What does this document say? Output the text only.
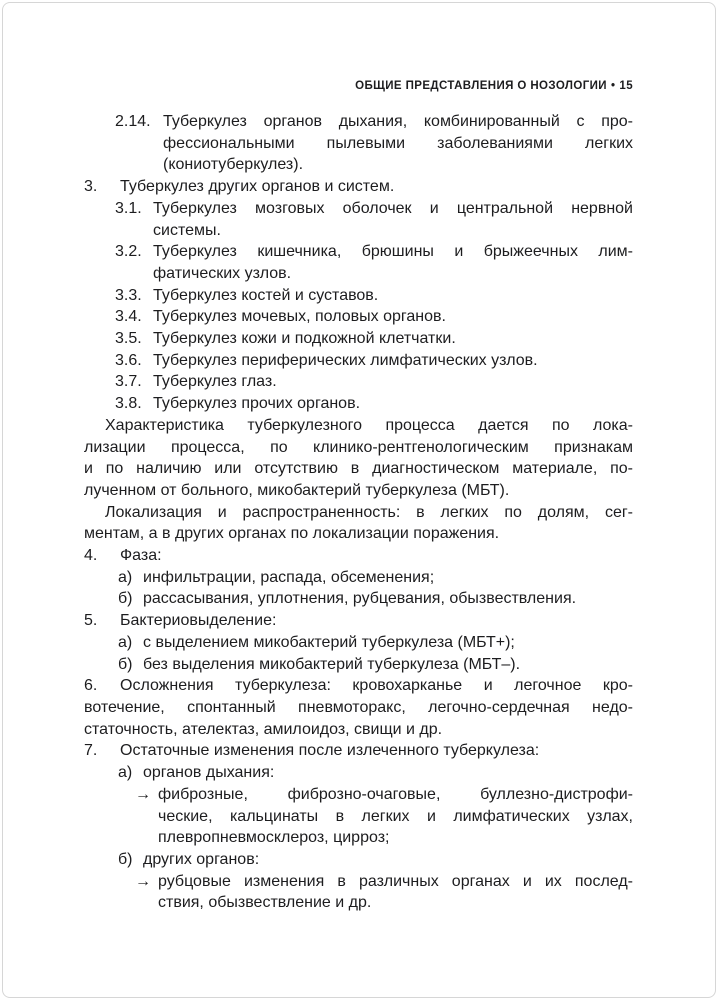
ОБЩИЕ ПРЕДСТАВЛЕНИЯ О НОЗОЛОГИИ • 15
2.14. Туберкулез органов дыхания, комбинированный с про-
фессиональными пылевыми заболеваниями легких
(кониотуберкулез).
3. Туберкулез других органов и систем.
3.1. Туберкулез мозговых оболочек и центральной нервной
системы.
3.2. Туберкулез кишечника, брюшины и брыжеечных лим-
фатических узлов.
3.3. Туберкулез костей и суставов.
3.4. Туберкулез мочевых, половых органов.
3.5. Туберкулез кожи и подкожной клетчатки.
3.6. Туберкулез периферических лимфатических узлов.
3.7. Туберкулез глаз.
3.8. Туберкулез прочих органов.
Характеристика туберкулезного процесса дается по лока-
лизации процесса, по клинико-рентгенологическим признакам
и по наличию или отсутствию в диагностическом материале, по-
лученном от больного, микобактерий туберкулеза (МБТ).
Локализация и распространенность: в легких по долям, сег-
ментам, а в других органах по локализации поражения.
4. Фаза:
а) инфильтрации, распада, обсеменения;
б) рассасывания, уплотнения, рубцевания, обызвествления.
5. Бактериовыделение:
а) с выделением микобактерий туберкулеза (МБТ+);
б) без выделения микобактерий туберкулеза (МБТ–).
6. Осложнения туберкулеза: кровохарканье и легочное кро-
вотечение, спонтанный пневмоторакс, легочно-сердечная недо-
статочность, ателектаз, амилоидоз, свищи и др.
7. Остаточные изменения после излеченного туберкулеза:
а) органов дыхания:
→ фиброзные, фиброзно-очаговые, буллезно-дистрофи-
ческие, кальцинаты в легких и лимфатических узлах,
плевропневмосклероз, цирроз;
б) других органов:
→ рубцовые изменения в различных органах и их послед-
ствия, обызвествление и др.
